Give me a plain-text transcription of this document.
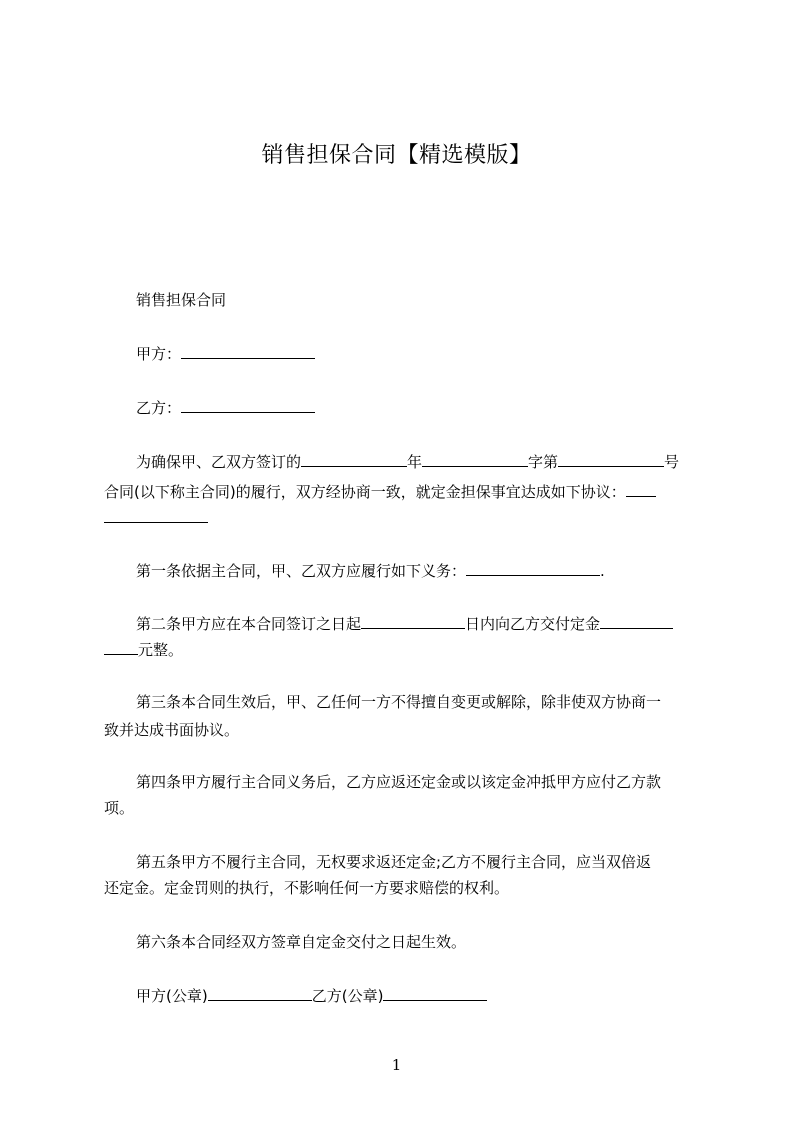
销售担保合同【精选模版】
销售担保合同
甲方：
乙方：
为确保甲、乙双方签订的	年	字第	号
合同(以下称主合同)的履行，双方经协商一致，就定金担保事宜达成如下协议：
第一条依据主合同，甲、乙双方应履行如下义务：	.
第二条甲方应在本合同签订之日起	日内向乙方交付定金
元整。
第三条本合同生效后，甲、乙任何一方不得擅自变更或解除，除非使双方协商一
致并达成书面协议。
第四条甲方履行主合同义务后，乙方应返还定金或以该定金冲抵甲方应付乙方款
项。
第五条甲方不履行主合同，无权要求返还定金;乙方不履行主合同，应当双倍返
还定金。定金罚则的执行，不影响任何一方要求赔偿的权利。
第六条本合同经双方签章自定金交付之日起生效。
甲方(公章)	乙方(公章)
1
